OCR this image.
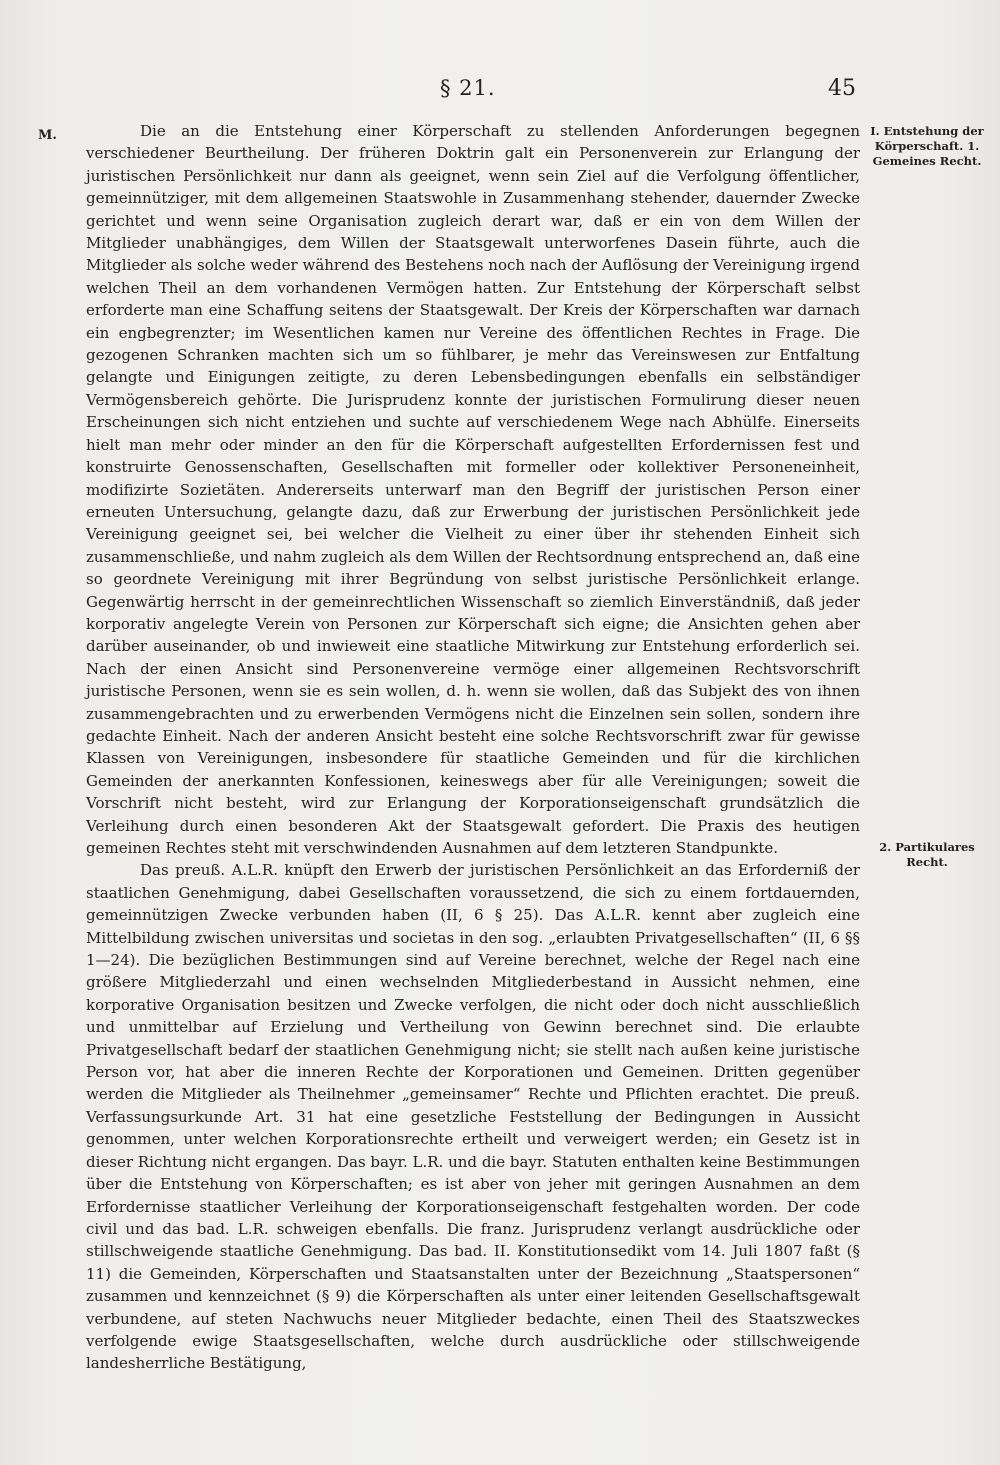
§ 21.	45
M.	Die an die Entstehung einer Körperschaft zu stellenden Anforderungen begegnen verschiedener Beurtheilung. Der früheren Doktrin galt ein Personenverein zur Erlangung der juristischen Persönlichkeit nur dann als geeignet, wenn sein Ziel auf die Verfolgung öffentlicher, gemeinnütziger, mit dem allgemeinen Staatswohle in Zusammenhang stehender, dauernder Zwecke gerichtet und wenn seine Organisation zugleich derart war, daß er ein von dem Willen der Mitglieder unabhängiges, dem Willen der Staatsgewalt unterworfenes Dasein führte, auch die Mitglieder als solche weder während des Bestehens noch nach der Auflösung der Vereinigung irgend welchen Theil an dem vorhandenen Vermögen hatten. Zur Entstehung der Körperschaft selbst erforderte man eine Schaffung seitens der Staatsgewalt. Der Kreis der Körperschaften war darnach ein engbegrenzter; im Wesentlichen kamen nur Vereine des öffentlichen Rechtes in Frage. Die gezogenen Schranken machten sich um so fühlbarer, je mehr das Vereinswesen zur Entfaltung gelangte und Einigungen zeitigte, zu deren Lebensbedingungen ebenfalls ein selbständiger Vermögensbereich gehörte. Die Jurisprudenz konnte der juristischen Formulirung dieser neuen Erscheinungen sich nicht entziehen und suchte auf verschiedenem Wege nach Abhülfe. Einerseits hielt man mehr oder minder an den für die Körperschaft aufgestellten Erfordernissen fest und konstruirte Genossenschaften, Gesellschaften mit formeller oder kollektiver Personeneinheit, modifizirte Sozietäten. Andererseits unterwarf man den Begriff der juristischen Person einer erneuten Untersuchung, gelangte dazu, daß zur Erwerbung der juristischen Persönlichkeit jede Vereinigung geeignet sei, bei welcher die Vielheit zu einer über ihr stehenden Einheit sich zusammenschließe, und nahm zugleich als dem Willen der Rechtsordnung entsprechend an, daß eine so geordnete Vereinigung mit ihrer Begründung von selbst juristische Persönlichkeit erlange. Gegenwärtig herrscht in der gemeinrechtlichen Wissenschaft so ziemlich Einverständniß, daß jeder korporativ angelegte Verein von Personen zur Körperschaft sich eigne; die Ansichten gehen aber darüber auseinander, ob und inwieweit eine staatliche Mitwirkung zur Entstehung erforderlich sei. Nach der einen Ansicht sind Personenvereine vermöge einer allgemeinen Rechtsvorschrift juristische Personen, wenn sie es sein wollen, d. h. wenn sie wollen, daß das Subjekt des von ihnen zusammengebrachten und zu erwerbenden Vermögens nicht die Einzelnen sein sollen, sondern ihre gedachte Einheit. Nach der anderen Ansicht besteht eine solche Rechtsvorschrift zwar für gewisse Klassen von Vereinigungen, insbesondere für staatliche Gemeinden und für die kirchlichen Gemeinden der anerkannten Konfessionen, keineswegs aber für alle Vereinigungen; soweit die Vorschrift nicht besteht, wird zur Erlangung der Korporationseigenschaft grundsätzlich die Verleihung durch einen besonderen Akt der Staatsgewalt gefordert. Die Praxis des heutigen gemeinen Rechtes steht mit verschwindenden Ausnahmen auf dem letzteren Standpunkte.

Das preuß. A.L.R. knüpft den Erwerb der juristischen Persönlichkeit an das Erforderniß der staatlichen Genehmigung, dabei Gesellschaften voraussetzend, die sich zu einem fortdauernden, gemeinnützigen Zwecke verbunden haben (II, 6 § 25). Das A.L.R. kennt aber zugleich eine Mittelbildung zwischen universitas und societas in den sog. „erlaubten Privatgesellschaften“ (II, 6 §§ 1—24). Die bezüglichen Bestimmungen sind auf Vereine berechnet, welche der Regel nach eine größere Mitgliederzahl und einen wechselnden Mitgliederbestand in Aussicht nehmen, eine korporative Organisation besitzen und Zwecke verfolgen, die nicht oder doch nicht ausschließlich und unmittelbar auf Erzielung und Vertheilung von Gewinn berechnet sind. Die erlaubte Privatgesellschaft bedarf der staatlichen Genehmigung nicht; sie stellt nach außen keine juristische Person vor, hat aber die inneren Rechte der Korporationen und Gemeinen. Dritten gegenüber werden die Mitglieder als Theilnehmer „gemeinsamer“ Rechte und Pflichten erachtet. Die preuß. Verfassungsurkunde Art. 31 hat eine gesetzliche Feststellung der Bedingungen in Aussicht genommen, unter welchen Korporationsrechte ertheilt und verweigert werden; ein Gesetz ist in dieser Richtung nicht ergangen. Das bayr. L.R. und die bayr. Statuten enthalten keine Bestimmungen über die Entstehung von Körperschaften; es ist aber von jeher mit geringen Ausnahmen an dem Erfordernisse staatlicher Verleihung der Korporationseigenschaft festgehalten worden. Der code civil und das bad. L.R. schweigen ebenfalls. Die franz. Jurisprudenz verlangt ausdrückliche oder stillschweigende staatliche Genehmigung. Das bad. II. Konstitutionsedikt vom 14. Juli 1807 faßt (§ 11) die Gemeinden, Körperschaften und Staatsanstalten unter der Bezeichnung „Staatspersonen“ zusammen und kennzeichnet (§ 9) die Körperschaften als unter einer leitenden Gesellschaftsgewalt verbundene, auf steten Nachwuchs neuer Mitglieder bedachte, einen Theil des Staatszweckes verfolgende ewige Staatsgesellschaften, welche durch ausdrückliche oder stillschweigende landesherrliche Bestätigung,

I. Entstehung der Körperschaft. 1. Gemeines Recht.
2. Partikulares Recht.
